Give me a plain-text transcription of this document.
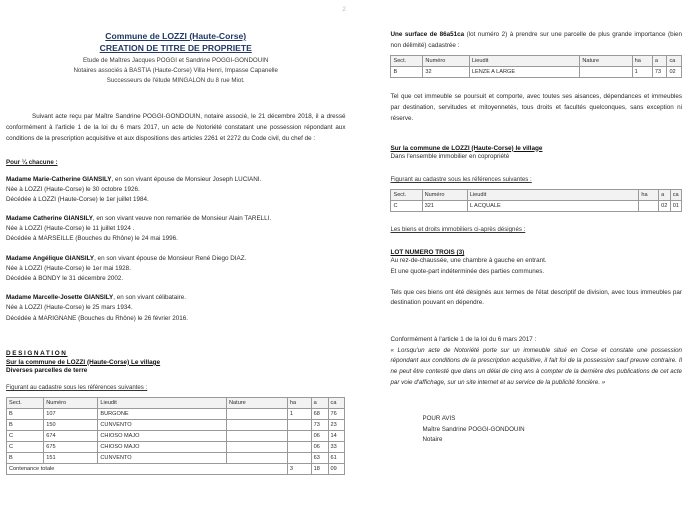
2
Commune de LOZZI (Haute-Corse)
CREATION DE TITRE DE PROPRIETE
Etude de Maîtres Jacques POGGI et Sandrine POGGI-GONDOUIN
Notaires associés à BASTIA (Haute-Corse) Villa Henri, Impasse Capanelle
Successeurs de l'étude MINGALON du 8 rue Miot.
Suivant acte reçu par Maître Sandrine POGGI-GONDOUIN, notaire associé, le 21 décembre 2018, il a dressé conformément à l'article 1 de la loi du 6 mars 2017, un acte de Notoriété constatant une possession répondant aux conditions de la prescription acquisitive et aux dispositions des articles 2261 et 2272 du Code civil, du chef de :
Pour ¼ chacune :
Madame Marie-Catherine GIANSILY, en son vivant épouse de Monsieur Joseph LUCIANI.
Née à LOZZI (Haute-Corse) le 30 octobre 1926.
Décédée à LOZZI (Haute-Corse) le 1er juillet 1984.
Madame Catherine GIANSILY, en son vivant veuve non remariée de Monsieur Alain TARELLI.
Née à LOZZI (Haute-Corse) le 11 juillet 1924 .
Décédée à MARSEILLE (Bouches du Rhône) le 24 mai 1996.
Madame Angélique GIANSILY, en son vivant épouse de Monsieur René Diego DIAZ.
Née à LOZZI (Haute-Corse) le 1er mai 1928.
Décédée à BONDY le 31 décembre 2002.
Madame Marcelle-Josette GIANSILY, en son vivant célibataire.
Née à LOZZI (Haute-Corse) le 25 mars 1934.
Décédée à MARIGNANE (Bouches du Rhône) le 26 février 2016.
DESIGNATION
Sur la commune de LOZZI (Haute-Corse) Le village
Diverses parcelles de terre
Figurant au cadastre sous les références suivantes :
Sect.	Numéro	Lieudit	Nature	ha	a	ca
B	107	BURGONE		1	68	76
B	150	CUNVENTO			73	23
C	674	CHIOSO MAJO			06	14
C	675	CHIOSO MAJO			06	33
B	151	CUNVENTO			63	61
Contenance totale				3	18	09
Une surface de 86a51ca (lot numéro 2) à prendre sur une parcelle de plus grande importance (bien non délimité) cadastrée :
Sect.	Numéro	Lieudit	Nature	ha	a	ca
B	32	LENZE A LARGE		1	73	02
Tel que cet immeuble se poursuit et comporte, avec toutes ses aisances, dépendances et immeubles par destination, servitudes et mitoyennetés, tous droits et facultés quelconques, sans exception ni réserve.
Sur la commune de LOZZI (Haute-Corse) le village
Dans l'ensemble immobilier en copropriété
Figurant au cadastre sous les références suivantes :
Sect.	Numéro	Lieudit	ha	a	ca
C	321	L ACQUALE		02	01
Les biens et droits immobiliers ci-après désignés :
LOT NUMERO TROIS (3)
Au rez-de-chaussée, une chambre à gauche en entrant.
Et une quote-part indéterminée des parties communes.
Tels que ces biens ont été désignés aux termes de l'état descriptif de division, avec tous immeubles par destination pouvant en dépendre.
Conformément à l'article 1 de la loi du 6 mars 2017 :
« Lorsqu'un acte de Notoriété porte sur un immeuble situé en Corse et constate une possession répondant aux conditions de la prescription acquisitive, il fait foi de la possession sauf preuve contraire. Il ne peut être contesté que dans un délai de cinq ans à compter de la dernière des publications de cet acte par voie d'affichage, sur un site internet et au service de la publicité foncière. »
POUR AVIS
Maître Sandrine POGGI-GONDOUIN
Notaire
